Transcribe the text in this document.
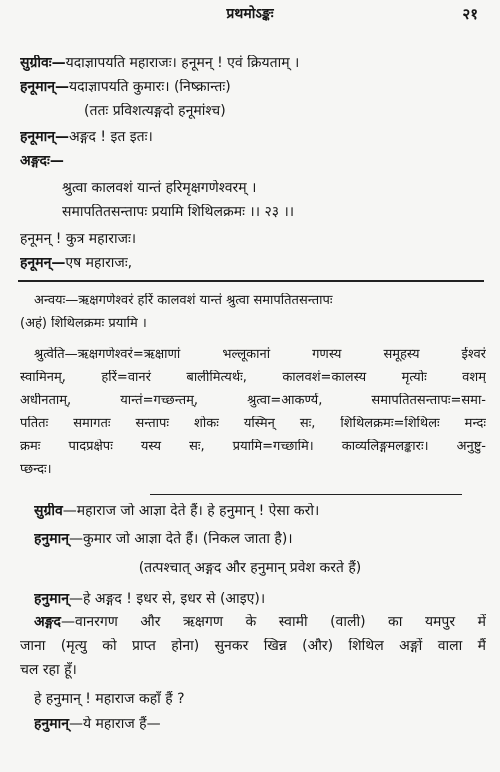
प्रथमोऽङ्कः	२१
सुग्रीवः—यदाज्ञापयति महाराजः। हनूमन् ! एवं क्रियताम् ।
हनूमान्—यदाज्ञापयति कुमारः। (निष्क्रान्तः)
(ततः प्रविशत्यङ्गदो हनूमांश्च)
हनूमान्—अङ्गद ! इत इतः।
अङ्गदः—
श्रुत्वा कालवशं यान्तं हरिमृक्षगणेश्वरम् ।
समापतितसन्तापः प्रयामि शिथिलक्रमः ।। २३ ।।
हनूमन् ! कुत्र महाराजः।
हनूमन्—एष महाराजः,
अन्वयः—ऋक्षगणेश्वरं हरिं कालवशं यान्तं श्रुत्वा समापतितसन्तापः
(अहं) शिथिलक्रमः प्रयामि ।
श्रुत्वेति—ऋक्षगणेश्वरं=ऋक्षाणां भल्लूकानां गणस्य समूहस्य ईश्वरं
स्वामिनम्, हरिं=वानरं बालीमित्यर्थः, कालवशं=कालस्य मृत्योः वशम्
अधीनताम्, यान्तं=गच्छन्तम्, श्रुत्वा=आकर्ण्य, समापतितसन्तापः=समा-
पतितः समागतः सन्तापः शोकः यस्मिन् सः, शिथिलक्रमः=शिथिलः मन्दः
क्रमः पादप्रक्षेपः यस्य सः, प्रयामि=गच्छामि। काव्यलिङ्गमलङ्कारः। अनुष्टु-
प्छन्दः।
सुग्रीव—महाराज जो आज्ञा देते हैं। हे हनुमान् ! ऐसा करो।
हनुमान्—कुमार जो आज्ञा देते हैं। (निकल जाता है)।
(तत्पश्चात् अङ्गद और हनुमान् प्रवेश करते हैं)
हनुमान्—हे अङ्गद ! इधर से, इधर से (आइए)।
अङ्गद—वानरगण और ऋक्षगण के स्वामी (वाली) का यमपुर में
जाना (मृत्यु को प्राप्त होना) सुनकर खिन्न (और) शिथिल अङ्गों वाला मैं
चल रहा हूँ।
हे हनुमान् ! महाराज कहाँ हैं ?
हनुमान्—ये महाराज हैं—
